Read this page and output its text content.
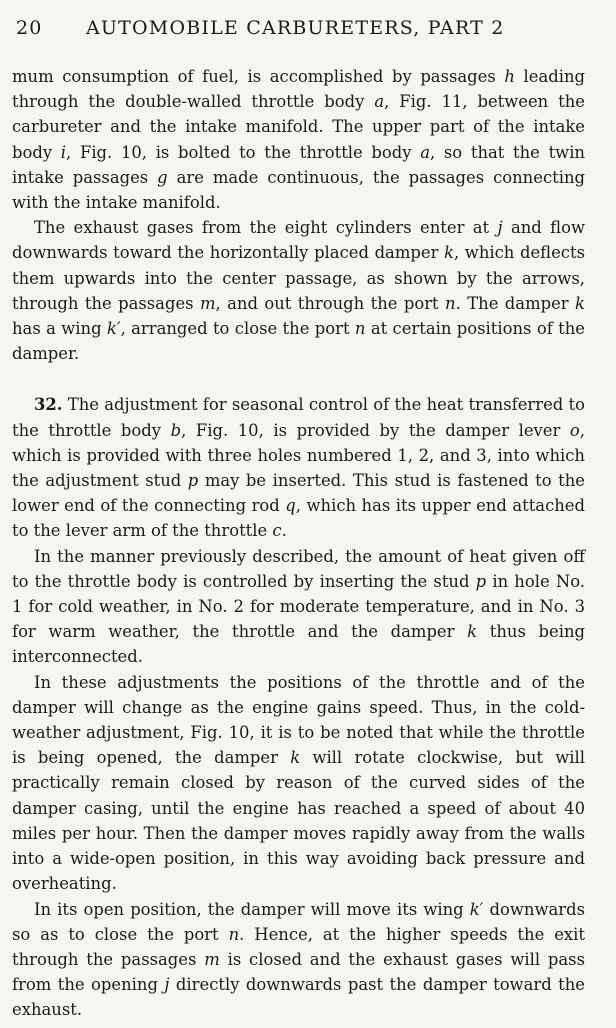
20	AUTOMOBILE CARBURETERS, PART 2

mum consumption of fuel, is accomplished by passages h leading through the double-walled throttle body a, Fig. 11, between the carbureter and the intake manifold. The upper part of the intake body i, Fig. 10, is bolted to the throttle body a, so that the twin intake passages g are made continuous, the passages connecting with the intake manifold.

The exhaust gases from the eight cylinders enter at j and flow downwards toward the horizontally placed damper k, which deflects them upwards into the center passage, as shown by the arrows, through the passages m, and out through the port n. The damper k has a wing k′, arranged to close the port n at certain positions of the damper.

32. The adjustment for seasonal control of the heat transferred to the throttle body b, Fig. 10, is provided by the damper lever o, which is provided with three holes numbered 1, 2, and 3, into which the adjustment stud p may be inserted. This stud is fastened to the lower end of the connecting rod q, which has its upper end attached to the lever arm of the throttle c.

In the manner previously described, the amount of heat given off to the throttle body is controlled by inserting the stud p in hole No. 1 for cold weather, in No. 2 for moderate temperature, and in No. 3 for warm weather, the throttle and the damper k thus being interconnected.

In these adjustments the positions of the throttle and of the damper will change as the engine gains speed. Thus, in the cold-weather adjustment, Fig. 10, it is to be noted that while the throttle is being opened, the damper k will rotate clockwise, but will practically remain closed by reason of the curved sides of the damper casing, until the engine has reached a speed of about 40 miles per hour. Then the damper moves rapidly away from the walls into a wide-open position, in this way avoiding back pressure and overheating.

In its open position, the damper will move its wing k′ downwards so as to close the port n. Hence, at the higher speeds the exit through the passages m is closed and the exhaust gases will pass from the opening j directly downwards past the damper toward the exhaust.
